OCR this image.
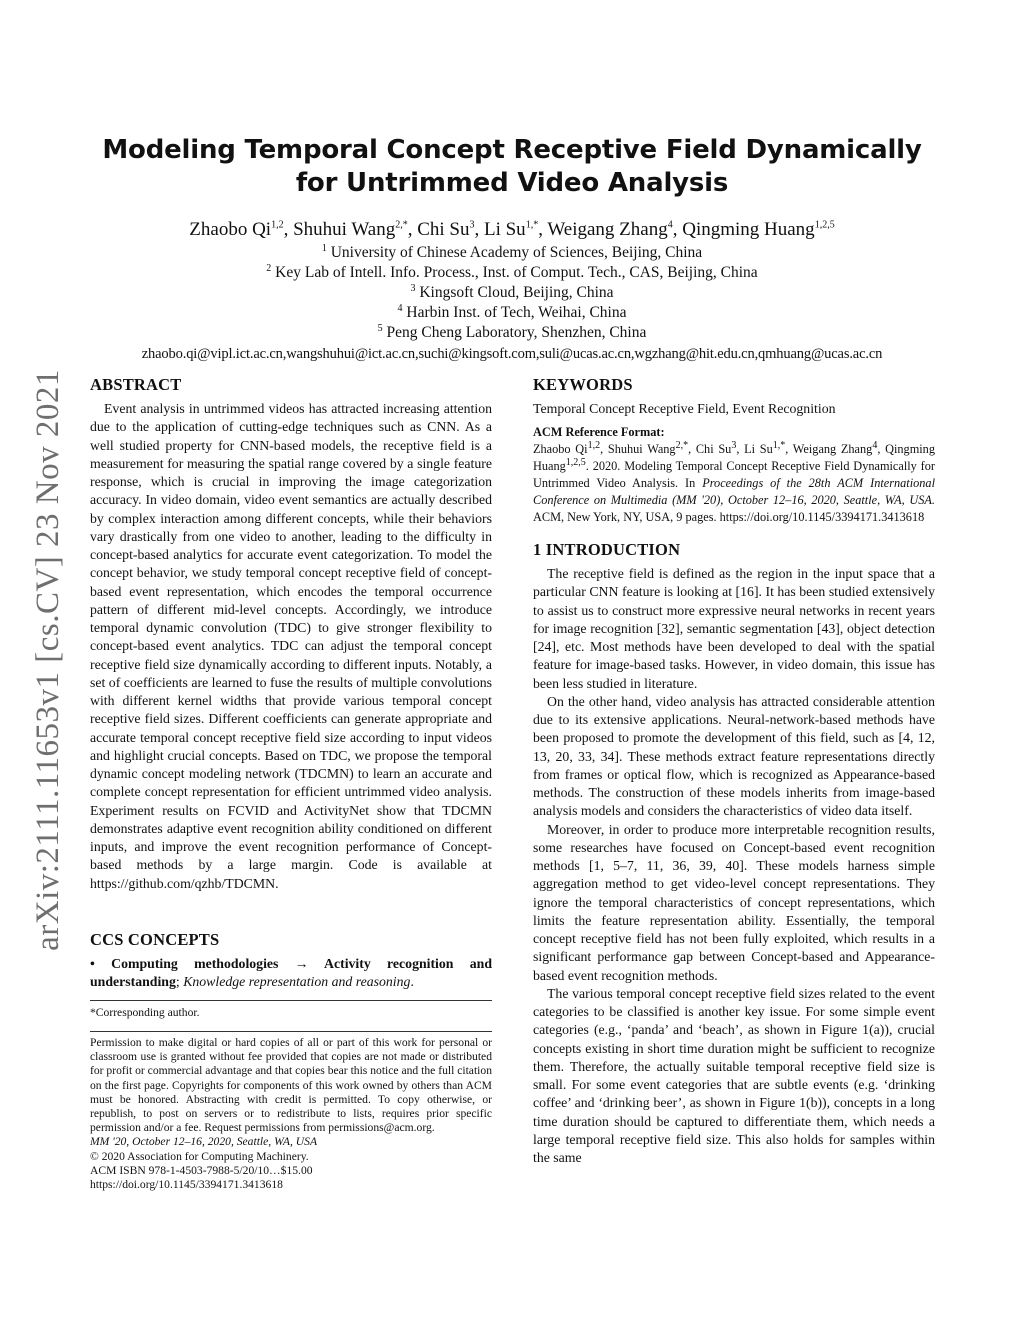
arXiv:2111.11653v1 [cs.CV] 23 Nov 2021
Modeling Temporal Concept Receptive Field Dynamically
for Untrimmed Video Analysis
Zhaobo Qi$^{1,2}$, Shuhui Wang$^{2,*}$, Chi Su$^3$, Li $Su^{1,*}$, Weigang Zhang$^4$, Qingming Huang$^{1,2,5}$
$^1$ University of Chinese Academy of Sciences, Beijing, China
$^2$ Key Lab of Intell. Info. Process., Inst. of Comput. Tech., CAS, Beijing, China
$^3$ Kingsoft Cloud, Beijing, China
$^4$ Harbin Inst. of Tech, Weihai, China
$^5$ Peng Cheng Laboratory, Shenzhen, China
zhaobo.qi@vipl.ict.ac.cn,wangshuhui@ict.ac.cn,suchi@kingsoft.com,suli@ucas.ac.cn,wgzhang@hit.edu.cn,qmhuang@ucas.ac.cn
ABSTRACT

Event analysis in untrimmed videos has attracted increasing attention due to the application of cutting-edge techniques such as CNN. As a well studied property for CNN-based models, the receptive field is a measurement for measuring the spatial range covered by a single feature response, which is crucial in improving the image categorization accuracy. In video domain, video event semantics are actually described by complex interaction among different concepts, while their behaviors vary drastically from one video to another, leading to the difficulty in concept-based analytics for accurate event categorization. To model the concept behavior, we study temporal concept receptive field of concept-based event representation, which encodes the temporal occurrence pattern of different mid-level concepts. Accordingly, we introduce temporal dynamic convolution (TDC) to give stronger flexibility to concept-based event analytics. TDC can adjust the temporal concept receptive field size dynamically according to different inputs. Notably, a set of coefficients are learned to fuse the results of multiple convolutions with different kernel widths that provide various temporal concept receptive field sizes. Different coefficients can generate appropriate and accurate temporal concept receptive field size according to input videos and highlight crucial concepts. Based on TDC, we propose the temporal dynamic concept modeling network (TDCMN) to learn an accurate and complete concept representation for efficient untrimmed video analysis. Experiment results on FCVID and ActivityNet show that TDCMN demonstrates adaptive event recognition ability conditioned on different inputs, and improve the event recognition performance of Concept-based methods by a large margin. Code is available at https://github.com/qzhb/TDCMN.

CCS CONCEPTS

• Computing methodologies → Activity recognition and understanding; Knowledge representation and reasoning.

*Corresponding author.
Permission to make digital or hard copies of all or part of this work for personal or classroom use is granted without fee provided that copies are not made or distributed for profit or commercial advantage and that copies bear this notice and the full citation on the first page. Copyrights for components of this work owned by others than ACM must be honored. Abstracting with credit is permitted. To copy otherwise, or republish, to post on servers or to redistribute to lists, requires prior specific permission and/or a fee. Request permissions from permissions@acm.org.
MM '20, October 12–16, 2020, Seattle, WA, USA
© 2020 Association for Computing Machinery.
ACM ISBN 978-1-4503-7988-5/20/10…$15.00
https://doi.org/10.1145/3394171.3413618
KEYWORDS

Temporal Concept Receptive Field, Event Recognition

ACM Reference Format:
Zhaobo Qi$^{1,2}$, Shuhui Wang$^{2,*}$, Chi Su$^3$, Li $Su^{1,*}$, Weigang Zhang$^4$, Qingming Huang$^{1,2,5}$. 2020. Modeling Temporal Concept Receptive Field Dynamically for Untrimmed Video Analysis. In Proceedings of the 28th ACM International Conference on Multimedia (MM '20), October 12–16, 2020, Seattle, WA, USA. ACM, New York, NY, USA, 9 pages. https://doi.org/10.1145/3394171.3413618
1 INTRODUCTION

The receptive field is defined as the region in the input space that a particular CNN feature is looking at [16]. It has been studied extensively to assist us to construct more expressive neural networks in recent years for image recognition [32], semantic segmentation [43], object detection [24], etc. Most methods have been developed to deal with the spatial feature for image-based tasks. However, in video domain, this issue has been less studied in literature.

On the other hand, video analysis has attracted considerable attention due to its extensive applications. Neural-network-based methods have been proposed to promote the development of this field, such as [4, 12, 13, 20, 33, 34]. These methods extract feature representations directly from frames or optical flow, which is recognized as Appearance-based methods. The construction of these models inherits from image-based analysis models and considers the characteristics of video data itself.

Moreover, in order to produce more interpretable recognition results, some researches have focused on Concept-based event recognition methods [1, 5–7, 11, 36, 39, 40]. These models harness simple aggregation method to get video-level concept representations. They ignore the temporal characteristics of concept representations, which limits the feature representation ability. Essentially, the temporal concept receptive field has not been fully exploited, which results in a significant performance gap between Concept-based and Appearance-based event recognition methods.

The various temporal concept receptive field sizes related to the event categories to be classified is another key issue. For some simple event categories (e.g., ‘panda’ and ‘beach’, as shown in Figure 1(a)), crucial concepts existing in short time duration might be sufficient to recognize them. Therefore, the actually suitable temporal receptive field size is small. For some event categories that are subtle events (e.g. ‘drinking coffee’ and ‘drinking beer’, as shown in Figure 1(b)), concepts in a long time duration should be captured to differentiate them, which needs a large temporal receptive field size. This also holds for samples within the same
